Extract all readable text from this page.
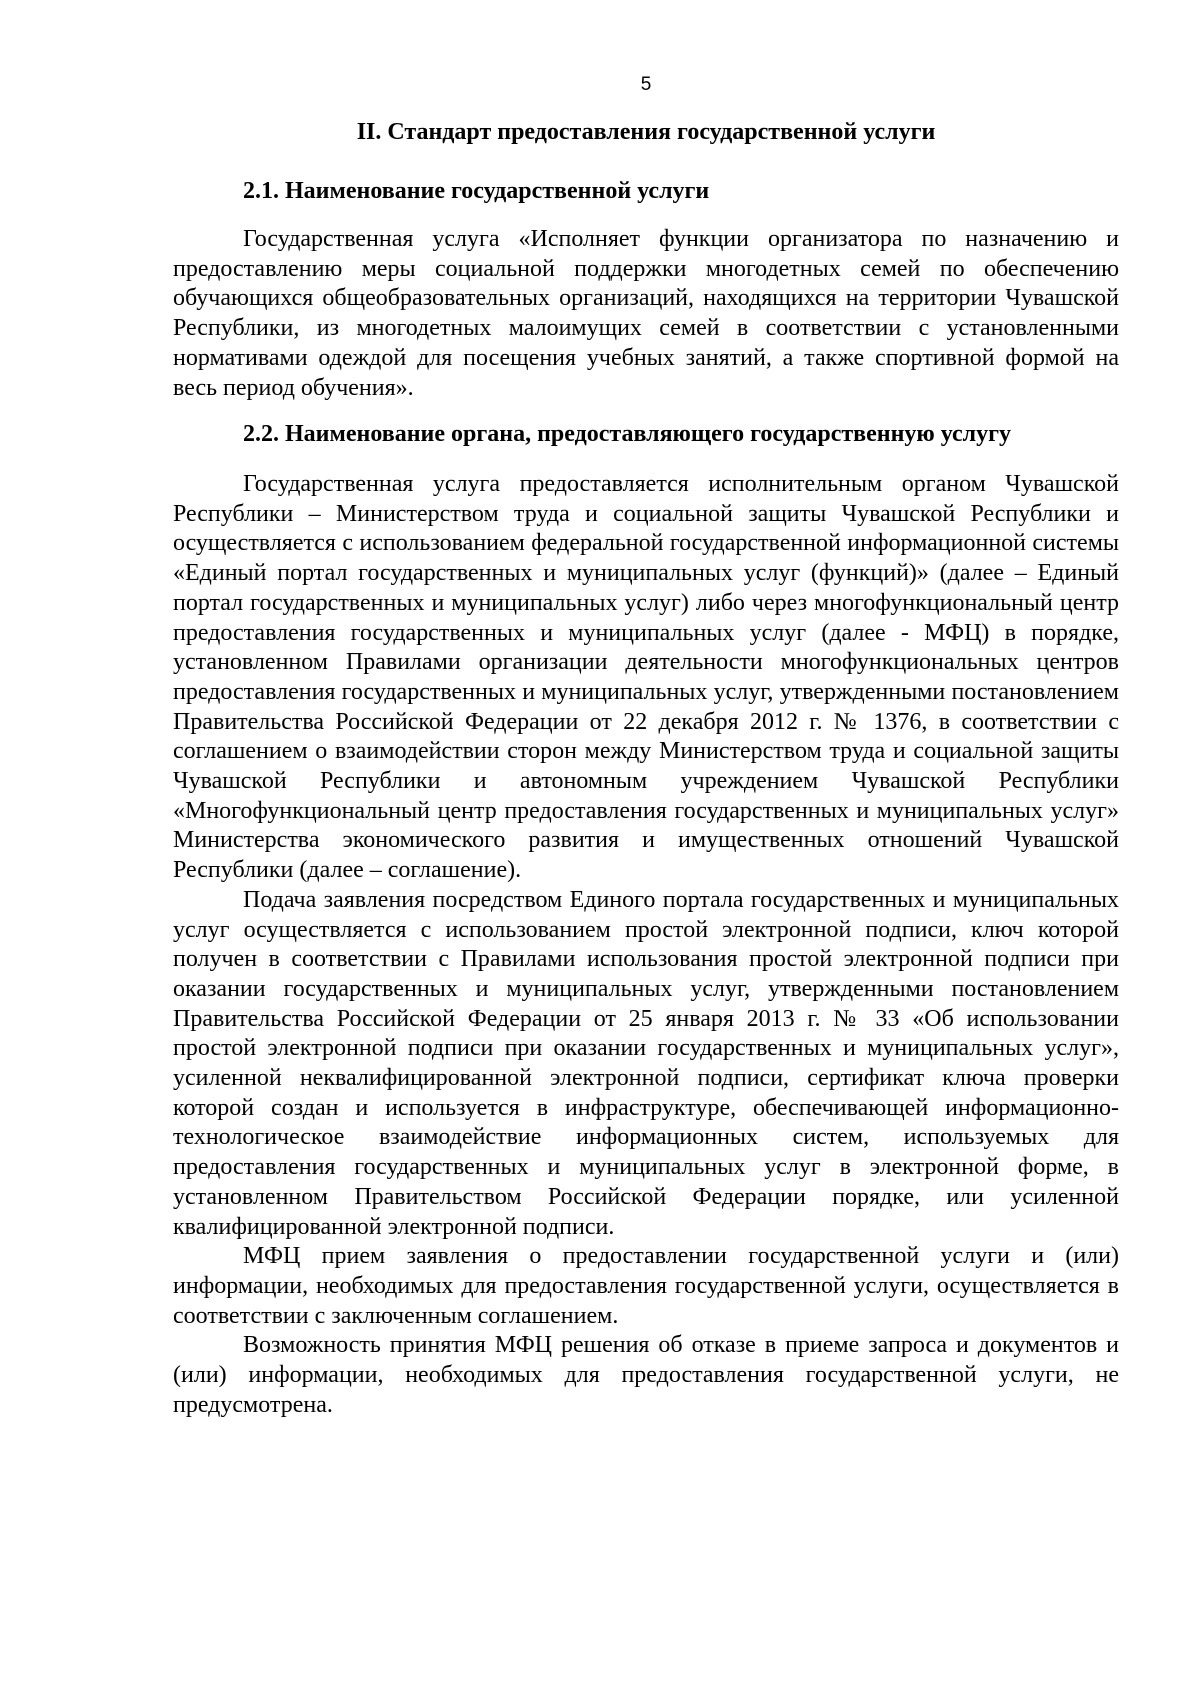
5
II. Стандарт предоставления государственной услуги
2.1. Наименование государственной услуги

Государственная услуга «Исполняет функции организатора по назначению и предоставлению меры социальной поддержки многодетных семей по обеспечению обучающихся общеобразовательных организаций, находящихся на территории Чувашской Республики, из многодетных малоимущих семей в соответствии с установленными нормативами одеждой для посещения учебных занятий, а также спортивной формой на весь период обучения».

2.2. Наименование органа, предоставляющего государственную услугу

Государственная услуга предоставляется исполнительным органом Чувашской Республики – Министерством труда и социальной защиты Чувашской Республики и осуществляется с использованием федеральной государственной информационной системы «Единый портал государственных и муниципальных услуг (функций)» (далее – Единый портал государственных и муниципальных услуг) либо через многофункциональный центр предоставления государственных и муниципальных услуг (далее - МФЦ) в порядке, установленном Правилами организации деятельности многофункциональных центров предоставления государственных и муниципальных услуг, утвержденными постановлением Правительства Российской Федерации от 22 декабря 2012 г. № 1376, в соответствии с соглашением о взаимодействии сторон между Министерством труда и социальной защиты Чувашской Республики и автономным учреждением Чувашской Республики «Многофункциональный центр предоставления государственных и муниципальных услуг» Министерства экономического развития и имущественных отношений Чувашской Республики (далее – соглашение).

Подача заявления посредством Единого портала государственных и муниципальных услуг осуществляется с использованием простой электронной подписи, ключ которой получен в соответствии с Правилами использования простой электронной подписи при оказании государственных и муниципальных услуг, утвержденными постановлением Правительства Российской Федерации от 25 января 2013 г. № 33 «Об использовании простой электронной подписи при оказании государственных и муниципальных услуг», усиленной неквалифицированной электронной подписи, сертификат ключа проверки которой создан и используется в инфраструктуре, обеспечивающей информационно-технологическое взаимодействие информационных систем, используемых для предоставления государственных и муниципальных услуг в электронной форме, в установленном Правительством Российской Федерации порядке, или усиленной квалифицированной электронной подписи.

МФЦ прием заявления о предоставлении государственной услуги и (или) информации, необходимых для предоставления государственной услуги, осуществляется в соответствии с заключенным соглашением.

Возможность принятия МФЦ решения об отказе в приеме запроса и документов и (или) информации, необходимых для предоставления государственной услуги, не предусмотрена.
